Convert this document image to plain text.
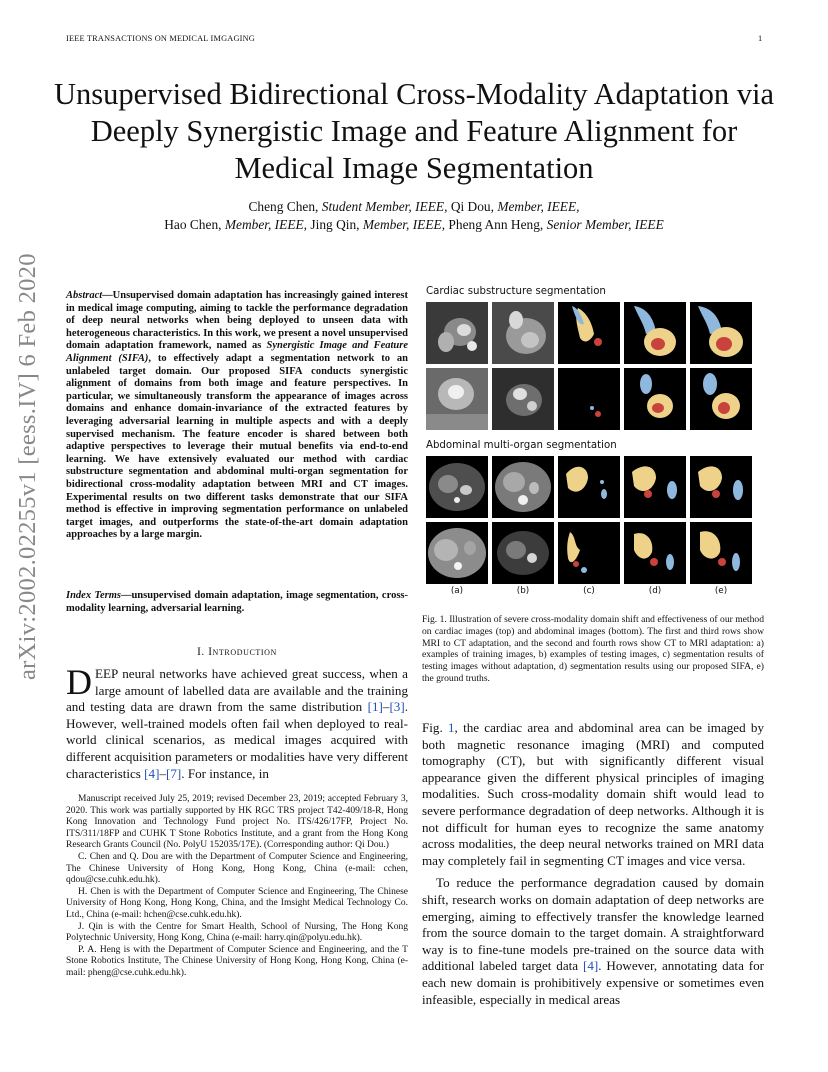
IEEE TRANSACTIONS ON MEDICAL IMGAGING	1
Unsupervised Bidirectional Cross-Modality Adaptation via Deeply Synergistic Image and Feature Alignment for Medical Image Segmentation
Cheng Chen, Student Member, IEEE, Qi Dou, Member, IEEE,
Hao Chen, Member, IEEE, Jing Qin, Member, IEEE, Pheng Ann Heng, Senior Member, IEEE
arXiv:2002.02255v1 [eess.IV] 6 Feb 2020 Abstract—Unsupervised domain adaptation has increasingly gained interest in medical image computing, aiming to tackle the performance degradation of deep neural networks when being deployed to unseen data with heterogeneous characteristics. In this work, we present a novel unsupervised domain adaptation framework, named as Synergistic Image and Feature Alignment (SIFA), to effectively adapt a segmentation network to an unlabeled target domain. Our proposed SIFA conducts synergistic alignment of domains from both image and feature perspectives. In particular, we simultaneously transform the appearance of images across domains and enhance domain-invariance of the extracted features by leveraging adversarial learning in multiple aspects and with a deeply supervised mechanism. The feature encoder is shared between both adaptive perspectives to leverage their mutual benefits via end-to-end learning. We have extensively evaluated our method with cardiac substructure segmentation and abdominal multi-organ segmentation for bidirectional cross-modality adaptation between MRI and CT images. Experimental results on two different tasks demonstrate that our SIFA method is effective in improving segmentation performance on unlabeled target images, and outperforms the state-of-the-art domain adaptation approaches by a large margin.
Index Terms—unsupervised domain adaptation, image segmentation, cross-modality learning, adversarial learning.
I. Introduction
DEEP neural networks have achieved great success, when a large amount of labelled data are available and the training and testing data are drawn from the same distribution [1]–[3]. However, well-trained models often fail when deployed to real-world clinical scenarios, as medical images acquired with different acquisition parameters or modalities have very different characteristics [4]–[7]. For instance, in

Manuscript received July 25, 2019; revised December 23, 2019; accepted February 3, 2020. This work was partially supported by HK RGC TRS project T42-409/18-R, Hong Kong Innovation and Technology Fund project No. ITS/426/17FP, Project No. ITS/311/18FP and CUHK T Stone Robotics Institute, and a grant from the Hong Kong Research Grants Council (No. PolyU 152035/17E). (Corresponding author: Qi Dou.)

C. Chen and Q. Dou are with the Department of Computer Science and Engineering, The Chinese University of Hong Kong, Hong Kong, China (e-mail: cchen, qdou@cse.cuhk.edu.hk).

H. Chen is with the Department of Computer Science and Engineering, The Chinese University of Hong Kong, Hong Kong, China, and the Imsight Medical Technology Co. Ltd., China (e-mail: hchen@cse.cuhk.edu.hk).

J. Qin is with the Centre for Smart Health, School of Nursing, The Hong Kong Polytechnic University, Hong Kong, China (e-mail: harry.qin@polyu.edu.hk).

P. A. Heng is with the Department of Computer Science and Engineering, and the T Stone Robotics Institute, The Chinese University of Hong Kong, Hong Kong, China (e-mail: pheng@cse.cuhk.edu.hk).

Cardiac substructure segmentation
Abdominal multi-organ segmentation
(a)	(b)	(c)	(d)	(e)
Fig. 1. Illustration of severe cross-modality domain shift and effectiveness of our method on cardiac images (top) and abdominal images (bottom). The first and third rows show MRI to CT adaptation, and the second and fourth rows show CT to MRI adaptation: a) examples of training images, b) examples of testing images, c) segmentation results of testing images without adaptation, d) segmentation results using our proposed SIFA, e) the ground truths.

Fig. 1, the cardiac area and abdominal area can be imaged by both magnetic resonance imaging (MRI) and computed tomography (CT), but with significantly different visual appearance given the different physical principles of imaging modalities. Such cross-modality domain shift would lead to severe performance degradation of deep networks. Although it is not difficult for human eyes to recognize the same anatomy across modalities, the deep neural networks trained on MRI data may completely fail in segmenting CT images and vice versa.

To reduce the performance degradation caused by domain shift, research works on domain adaptation of deep networks are emerging, aiming to effectively transfer the knowledge learned from the source domain to the target domain. A straightforward way is to fine-tune models pre-trained on the source data with additional labeled target data [4]. However, annotating data for each new domain is prohibitively expensive or sometimes even infeasible, especially in medical areas
